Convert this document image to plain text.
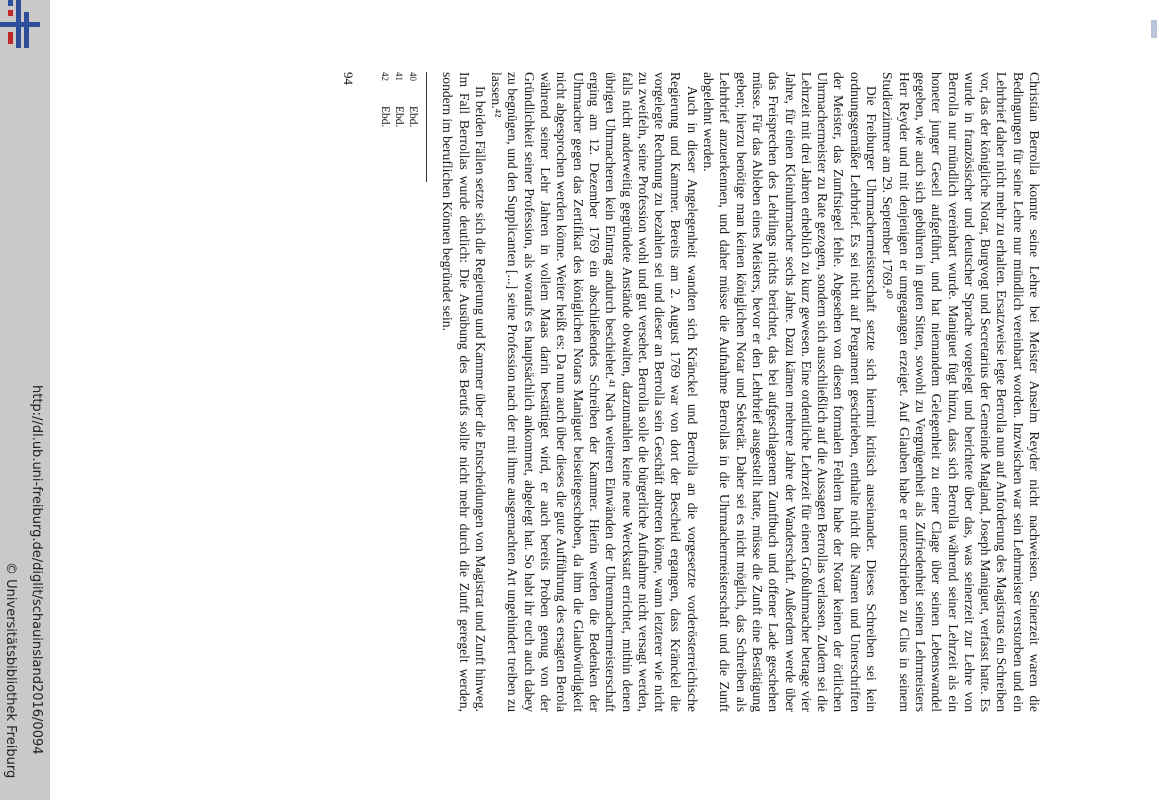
http://dl.ub.uni-freiburg.de/diglit/schauinsland2016/0094
© Universitätsbibliothek Freiburg	Christian Berrolla konnte seine Lehre bei Meister Anselm Reyder nicht nachweisen. Seinerzeit waren die Bedingungen für seine Lehre nur mündlich vereinbart worden. Inzwischen war sein Lehrmeister verstorben und ein Lehrbrief daher nicht mehr zu erhalten. Ersatzweise legte Berrolla nun auf Anforderung des Magistrats ein Schreiben vor, das der königliche Notar, Burgvogt und Secretarius der Gemeinde Magland, Joseph Maniguet, verfasst hatte. Es wurde in französischer und deutscher Sprache vorgelegt und berichtete über das, was seinerzeit zur Lehre von Berrolla nur mündlich vereinbart wurde. Maniguet fügt hinzu, dass sich Berrolla während seiner Lehrzeit als ein honeter junger Gesell aufgeführt, und hat niemandem Gelegenheit zu einer Clage über seinen Lebenswandel gegeben, wie auch sich gebühren in guten Sitten, sowohl zu Vergnügenheit als Zufriedenheit seinen Lehrmeisters Herr Reyder und mit denjenigen er umgegangen erzeiget. Auf Glauben habe er unterschrieben zu Clus in seinem Studierzimmer am 29. September 1769.⁴⁰

Die Freiburger Uhrmachermeisterschaft setzte sich hiermit kritisch auseinander. Dieses Schreiben sei kein ordnungsgemäßer Lehrbrief. Es sei nicht auf Pergament geschrieben, enthalte nicht die Namen und Unterschriften der Meister, das Zunftsiegel fehle. Abgesehen von diesen formalen Fehlern habe der Notar keinen der örtlichen Uhrmachermeister zu Rate gezogen, sondern sich ausschließlich auf die Aussagen Berrollas verlassen. Zudem sei die Lehrzeit mit drei Jahren erheblich zu kurz gewesen. Eine ordentliche Lehrzeit für einen Großuhrmacher betrage vier Jahre, für einen Kleinuhrmacher sechs Jahre. Dazu kämen mehrere Jahre der Wanderschaft. Außerdem werde über das Freisprechen des Lehrlings nichts berichtet, das bei aufgeschlagenem Zunftbuch und offener Lade geschehen müsse. Für das Ableben eines Meisters, bevor er den Lehrbrief ausgestellt hatte, müsse die Zunft eine Bestätigung geben; hierzu benötige man keinen königlichen Notar und Sekretär. Daher sei es nicht möglich, das Schreiben als Lehrbrief anzuerkennen, und daher müsse die Aufnahme Berrollas in die Uhrmachermeisterschaft und die Zunft abgelehnt werden.

Auch in dieser Angelegenheit wandten sich Kränckel und Berrolla an die vorgesetzte vorderösterreichische Regierung und Kammer. Bereits am 2. August 1769 war von dort der Bescheid ergangen, dass Kränckel die vorgelegte Rechnung zu bezahlen sei und dieser an Berrolla sein Geschäft abtreten könne, wann letzterer wie nicht zu zweifeln, seine Profession wohl und gut versehet. Berrolla solle die bürgerliche Aufnahme nicht versagt werden, falls nicht anderweitig gegründete Anstände obwalten, darzumahlen keine neue Werckstatt errichtet, mithin denen übrigen Uhrmacheren kein Eintrag andurch beschiehet.⁴¹ Nach weiteren Einwänden der Uhrenmachermeisterschaft erging am 12. Dezember 1769 ein abschließendes Schreiben der Kammer. Hierin werden die Bedenken der Uhrmacher gegen das Zertifikat des königlichen Notars Maniguet beiseitegeschoben, da ihm die Glaubwürdigkeit nicht abgesprochen werden könne. Weiter heißt es: Da nun auch über dieses die gute Aufführung des ersagten Berola während seiner Lehr Jahren in vollem Maas darin bestättiget wird, er auch bereits Proben genug von der Gründlichkeit seiner Profession, als woraufs es hauptsächlich ankommet, abgelegt hat. So habt ihr euch auch dabey zu begnügen, und den Supplicanten [...] seine Profession nach der mit ihme ausgemachten Art ungehindert treiben zu lassen.⁴²

In beiden Fällen setzte sich die Regierung und Kammer über die Entscheidungen von Magistrat und Zunft hinweg. Im Fall Berrollas wurde deutlich: Die Ausübung des Berufs sollte nicht mehr durch die Zunft geregelt werden, sondern im beruflichen Können begründet sein.

40
Ebd.
41
Ebd.
42
Ebd.
94
